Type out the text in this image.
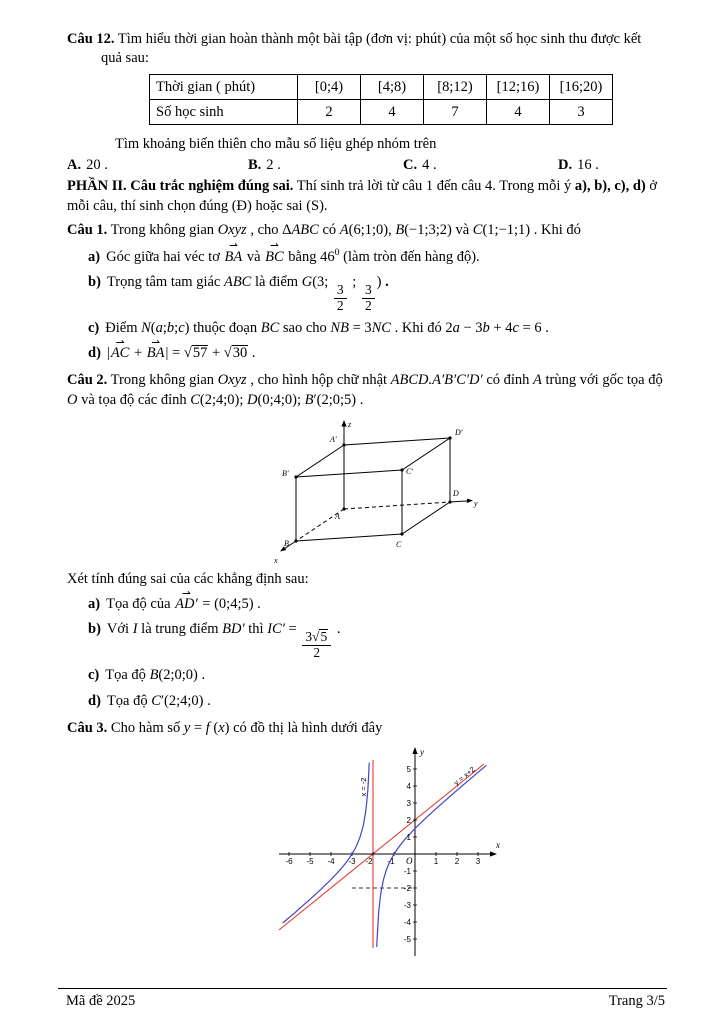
Câu 12. Tìm hiểu thời gian hoàn thành một bài tập (đơn vị: phút) của một số học sinh thu được kết quả sau:

Thời gian ( phút)	[0;4)	[4;8)	[8;12)	[12;16)	[16;20)
Số học sinh	2	4	7	4	3

Tìm khoảng biến thiên cho mẫu số liệu ghép nhóm trên

A. 20 .	B. 2 .	C. 4 .	D. 16 .

PHẦN II. Câu trắc nghiệm đúng sai. Thí sinh trả lời từ câu 1 đến câu 4. Trong mỗi ý a), b), c), d) ở mỗi câu, thí sinh chọn đúng (Đ) hoặc sai (S).

Câu 1. Trong không gian Oxyz , cho ΔABC có A(6;1;0), B(−1;3;2) và C(1;−1;1) . Khi đó

a) Góc giữa hai véc tơ ⇀ BA và ⇀ BC bằng $46^0$ (làm tròn đến hàng độ).

b) Trọng tâm tam giác ABC là điểm G(3;
$\frac{3}{2}$
;
$\frac{3}{2}$
) .

c) Điểm N(a;b;c) thuộc đoạn BC sao cho NB = 3NC . Khi đó 2a − 3b + 4c = 6 .

d) |⇀ AC + ⇀ BA| = √ 57 + √ 30 .

Câu 2. Trong không gian Oxyz , cho hình hộp chữ nhật ABCD.A′B′C′D′ có đỉnh A trùng với gốc tọa độ O và tọa độ các đỉnh C(2;4;0); D(0;4;0); B′(2;0;5) .

z
y
x
A′
D′
B′	C′
A
D
B	C

Xét tính đúng sai của các khẳng định sau:

a) Tọa độ của ⇀ AD′ = (0;4;5) .

b) Với I là trung điểm BD′ thì IC′ =
$\frac{3 √ 5}{2}$
.

c) Tọa độ B(2;0;0) .

d) Tọa độ C′(2;4;0) .

Câu 3. Cho hàm số y = f (x) có đồ thị là hình dưới đây

-6 -5 -4 -3 -2 -1	1 2 3
5
4
3
2
1
-1
-2
-3
-4
-5
O
x
y
x = -2	y = x+2
Mã đề 2025	Trang 3/5
